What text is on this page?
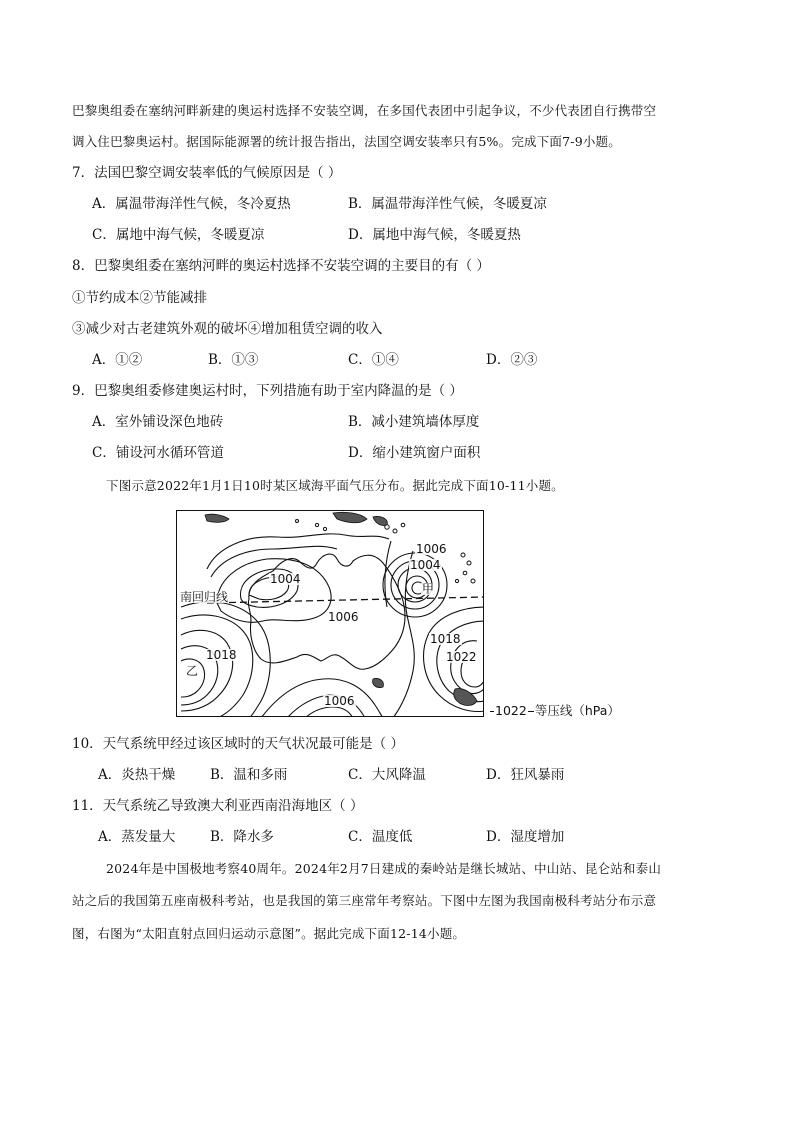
巴黎奥组委在塞纳河畔新建的奥运村选择不安装空调，在多国代表团中引起争议，不少代表团自行携带空
调入住巴黎奥运村。据国际能源署的统计报告指出，法国空调安装率只有5%。完成下面7-9小题。
7．法国巴黎空调安装率低的气候原因是（ ）
A．属温带海洋性气候，冬冷夏热	B．属温带海洋性气候，冬暖夏凉
C．属地中海气候，冬暖夏凉	D．属地中海气候，冬暖夏热
8．巴黎奥组委在塞纳河畔的奥运村选择不安装空调的主要目的有（ ）
①节约成本②节能减排
③减少对古老建筑外观的破坏④增加租赁空调的收入
A．①②	B．①③	C．①④	D．②③
9．巴黎奥组委修建奥运村时，下列措施有助于室内降温的是（ ）
A．室外铺设深色地砖	B．减小建筑墙体厚度
C．铺设河水循环管道	D．缩小建筑窗户面积
下图示意2022年1月1日10时某区域海平面气压分布。据此完成下面10-11小题。
南回归线
1004
1006
1006
1004
甲
1018
乙
1018
1022
1006
1022 等压线（hPa）
10．天气系统甲经过该区域时的天气状况最可能是（ ）
A．炎热干燥	B．温和多雨	C．大风降温	D．狂风暴雨
11．天气系统乙导致澳大利亚西南沿海地区（ ）
A．蒸发量大	B．降水多	C．温度低	D．湿度增加
2024年是中国极地考察40周年。2024年2月7日建成的秦岭站是继长城站、中山站、昆仑站和泰山
站之后的我国第五座南极科考站，也是我国的第三座常年考察站。下图中左图为我国南极科考站分布示意
图，右图为“太阳直射点回归运动示意图”。据此完成下面12-14小题。
